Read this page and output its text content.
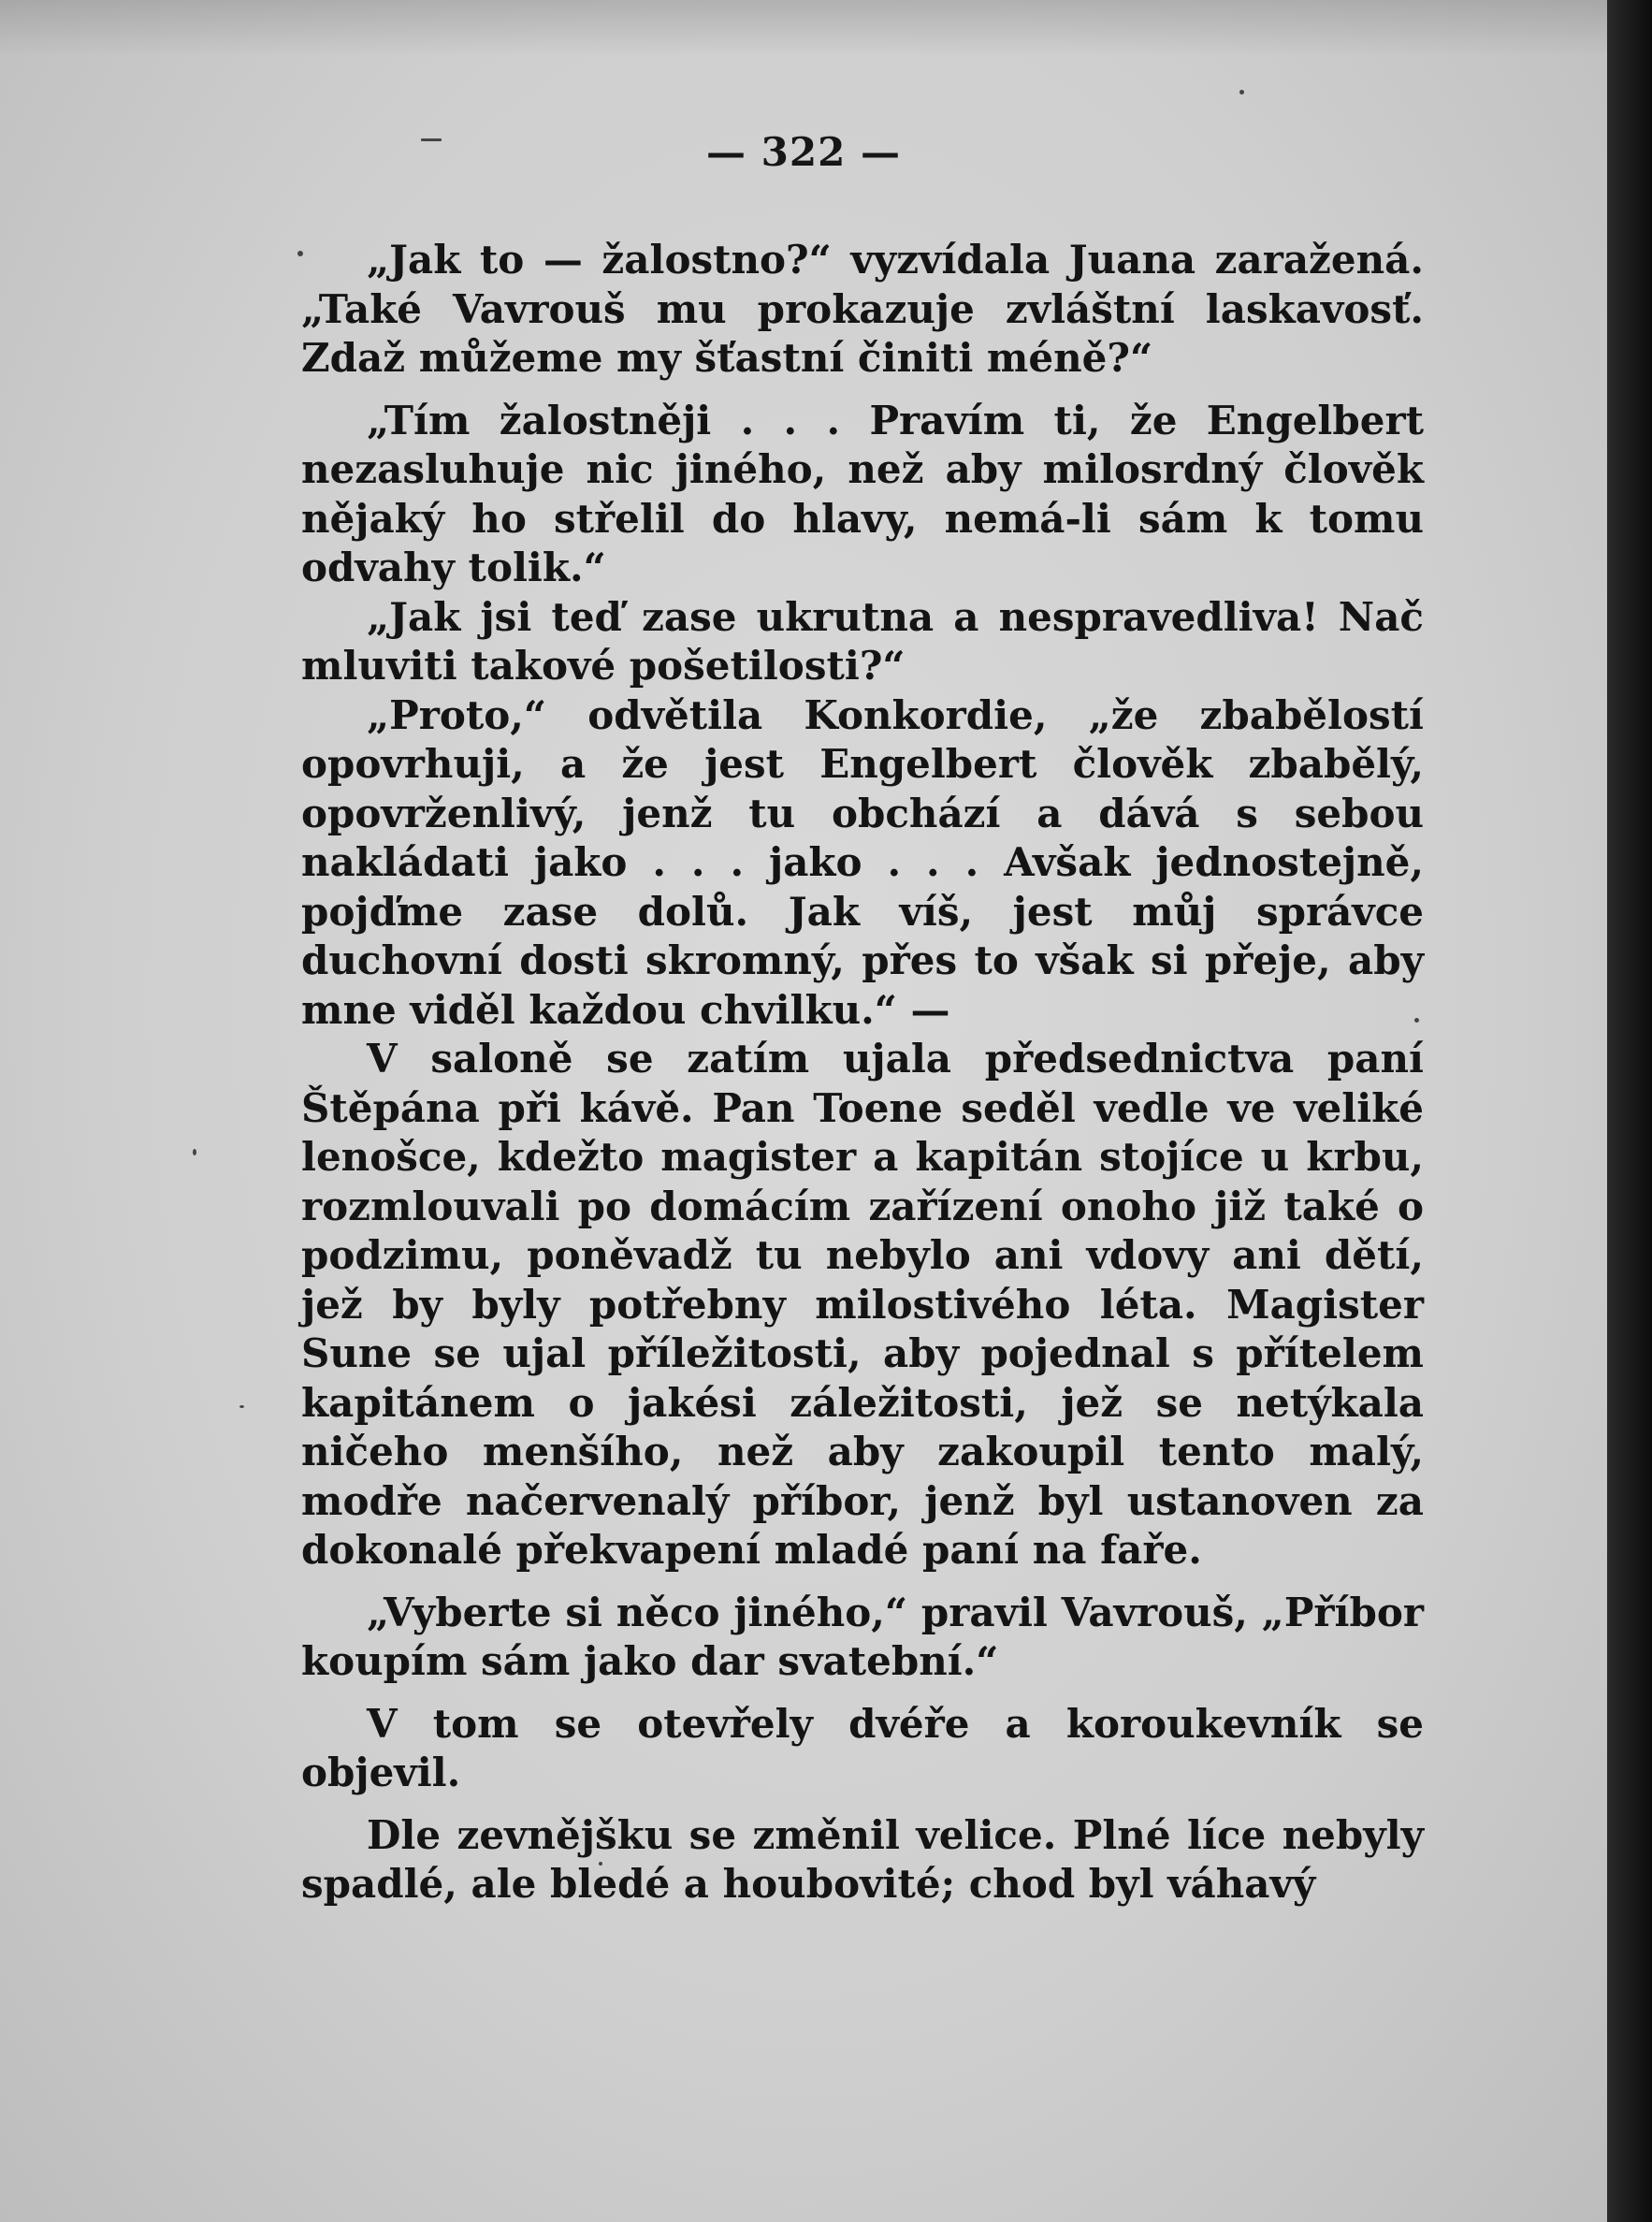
— 322 —

„Jak to — žalostno?“ vyzvídala Juana zaražená. „Také Vavrouš mu prokazuje zvláštní laskavosť. Zdaž můžeme my šťastní činiti méně?“

„Tím žalostněji . . . Pravím ti, že Engelbert nezasluhuje nic jiného, než aby milosrdný člověk nějaký ho střelil do hlavy, nemá-li sám k tomu odvahy tolik.“

„Jak jsi teď zase ukrutna a nespravedliva! Nač mluviti takové pošetilosti?“

„Proto,“ odvětila Konkordie, „že zbabělostí opovrhuji, a že jest Engelbert člověk zbabělý, opovrženlivý, jenž tu obchází a dává s sebou nakládati jako . . . jako . . . Avšak jednostejně, pojďme zase dolů. Jak víš, jest můj správce duchovní dosti skromný, přes to však si přeje, aby mne viděl každou chvilku.“ —

V saloně se zatím ujala předsednictva paní Štěpána při kávě. Pan Toene seděl vedle ve veliké lenošce, kdežto magister a kapitán stojíce u krbu, rozmlouvali po domácím zařízení onoho již také o podzimu, poněvadž tu nebylo ani vdovy ani dětí, jež by byly potřebny milostivého léta. Magister Sune se ujal příležitosti, aby pojednal s přítelem kapitánem o jakési záležitosti, jež se netýkala ničeho menšího, než aby zakoupil tento malý, modře načervenalý příbor, jenž byl ustanoven za dokonalé překvapení mladé paní na faře.

„Vyberte si něco jiného,“ pravil Vavrouš, „Příbor koupím sám jako dar svatební.“

V tom se otevřely dvéře a koroukevník se objevil.

Dle zevnějšku se změnil velice. Plné líce nebyly spadlé, ale bledé a houbovité; chod byl váhavý
